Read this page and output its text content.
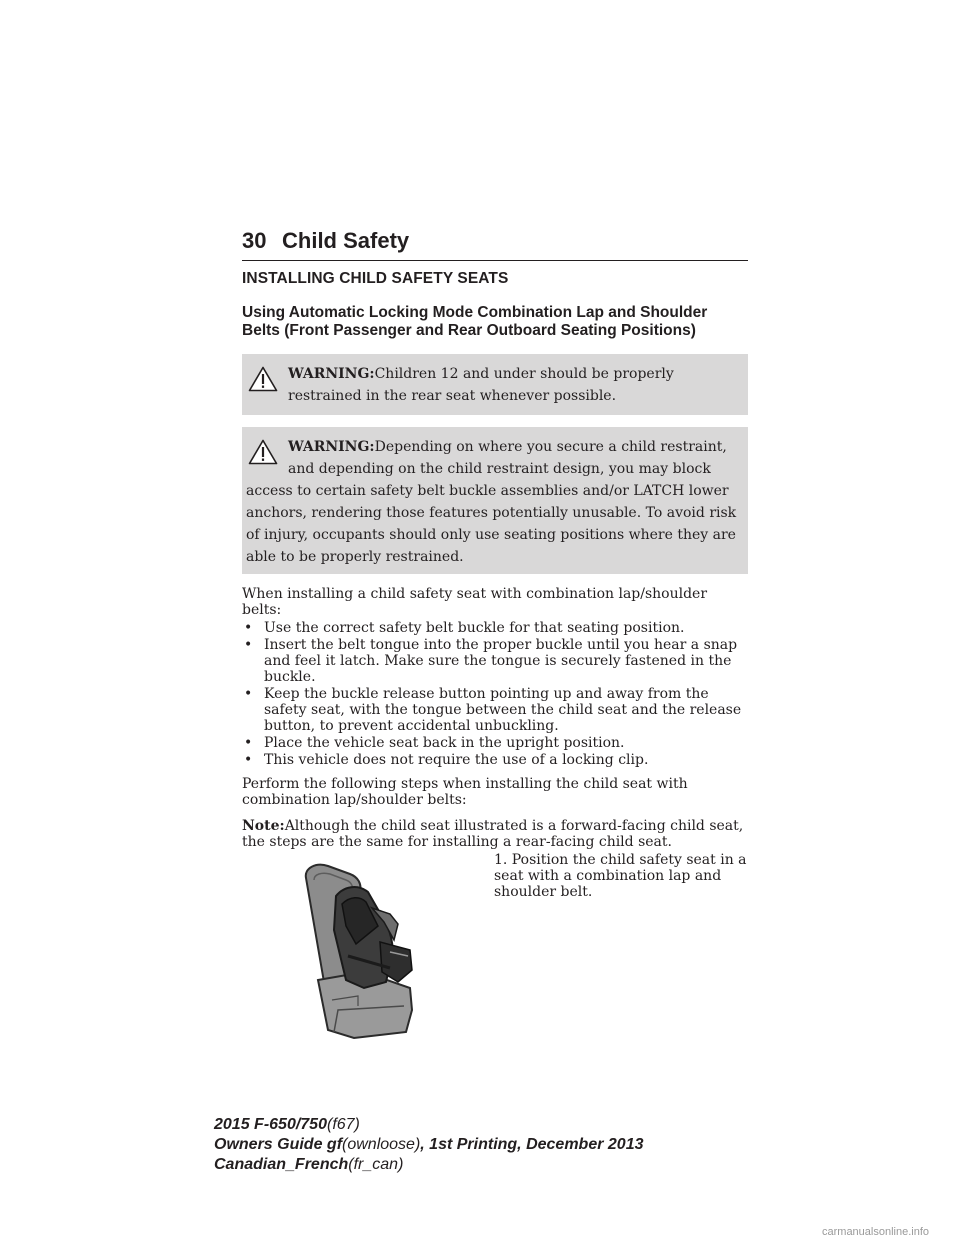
30 Child Safety
INSTALLING CHILD SAFETY SEATS
Using Automatic Locking Mode Combination Lap and Shoulder Belts (Front Passenger and Rear Outboard Seating Positions)
WARNING:Children 12 and under should be properly restrained in the rear seat whenever possible.
WARNING:Depending on where you secure a child restraint,
and depending on the child restraint design, you may block
access to certain safety belt buckle assemblies and/or LATCH lower anchors, rendering those features potentially unusable. To avoid risk of injury, occupants should only use seating positions where they are able to be properly restrained.

When installing a child safety seat with combination lap/shoulder belts:

• Use the correct safety belt buckle for that seating position.
• Insert the belt tongue into the proper buckle until you hear a snap and feel it latch. Make sure the tongue is securely fastened in the buckle.
• Keep the buckle release button pointing up and away from the safety seat, with the tongue between the child seat and the release button, to prevent accidental unbuckling.
• Place the vehicle seat back in the upright position.
• This vehicle does not require the use of a locking clip.

Perform the following steps when installing the child seat with combination lap/shoulder belts:

Note:Although the child seat illustrated is a forward-facing child seat, the steps are the same for installing a rear-facing child seat.

1. Position the child safety seat in a seat with a combination lap and shoulder belt.
2015 F-650/750(f67)
Owners Guide gf(ownloose), 1st Printing, December 2013
Canadian_French(fr_can)
carmanualsonline.info
